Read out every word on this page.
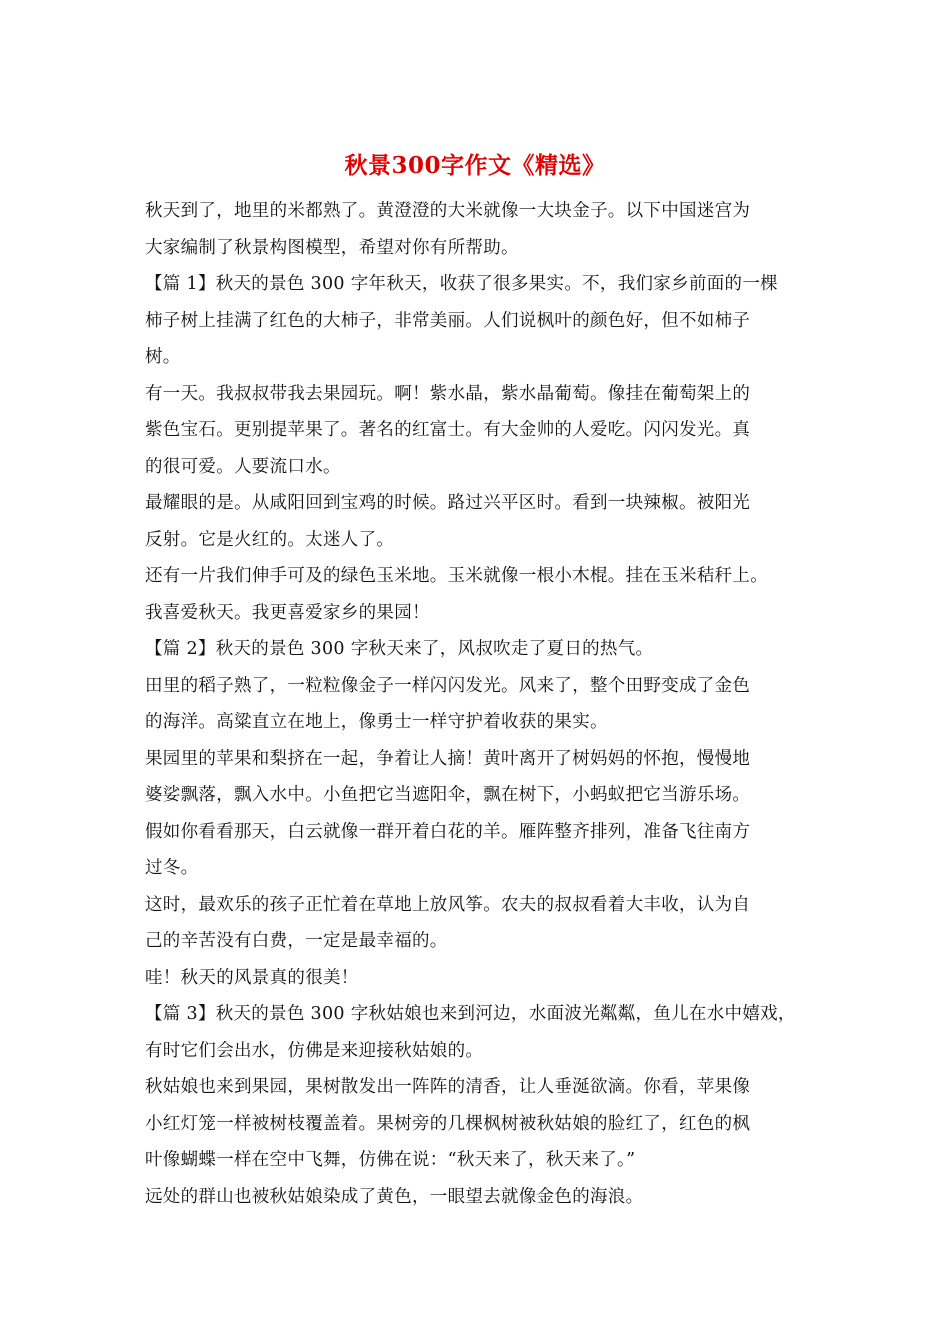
秋景300字作文《精选》
秋天到了，地里的米都熟了。黄澄澄的大米就像一大块金子。以下中国迷宫为
大家编制了秋景构图模型，希望对你有所帮助。
【篇 1】秋天的景色 300 字年秋天，收获了很多果实。不，我们家乡前面的一棵
柿子树上挂满了红色的大柿子，非常美丽。人们说枫叶的颜色好，但不如柿子
树。
有一天。我叔叔带我去果园玩。啊！紫水晶，紫水晶葡萄。像挂在葡萄架上的
紫色宝石。更别提苹果了。著名的红富士。有大金帅的人爱吃。闪闪发光。真
的很可爱。人要流口水。
最耀眼的是。从咸阳回到宝鸡的时候。路过兴平区时。看到一块辣椒。被阳光
反射。它是火红的。太迷人了。
还有一片我们伸手可及的绿色玉米地。玉米就像一根小木棍。挂在玉米秸秆上。
我喜爱秋天。我更喜爱家乡的果园！
【篇 2】秋天的景色 300 字秋天来了，风叔吹走了夏日的热气。
田里的稻子熟了，一粒粒像金子一样闪闪发光。风来了，整个田野变成了金色
的海洋。高粱直立在地上，像勇士一样守护着收获的果实。
果园里的苹果和梨挤在一起，争着让人摘！黄叶离开了树妈妈的怀抱，慢慢地
婆娑飘落，飘入水中。小鱼把它当遮阳伞，飘在树下，小蚂蚁把它当游乐场。
假如你看看那天，白云就像一群开着白花的羊。雁阵整齐排列，准备飞往南方
过冬。
这时，最欢乐的孩子正忙着在草地上放风筝。农夫的叔叔看着大丰收，认为自
己的辛苦没有白费，一定是最幸福的。
哇！秋天的风景真的很美！
【篇 3】秋天的景色 300 字秋姑娘也来到河边，水面波光粼粼，鱼儿在水中嬉戏，
有时它们会出水，仿佛是来迎接秋姑娘的。
秋姑娘也来到果园，果树散发出一阵阵的清香，让人垂涎欲滴。你看，苹果像
小红灯笼一样被树枝覆盖着。果树旁的几棵枫树被秋姑娘的脸红了，红色的枫
叶像蝴蝶一样在空中飞舞，仿佛在说：“秋天来了，秋天来了。”
远处的群山也被秋姑娘染成了黄色，一眼望去就像金色的海浪。
